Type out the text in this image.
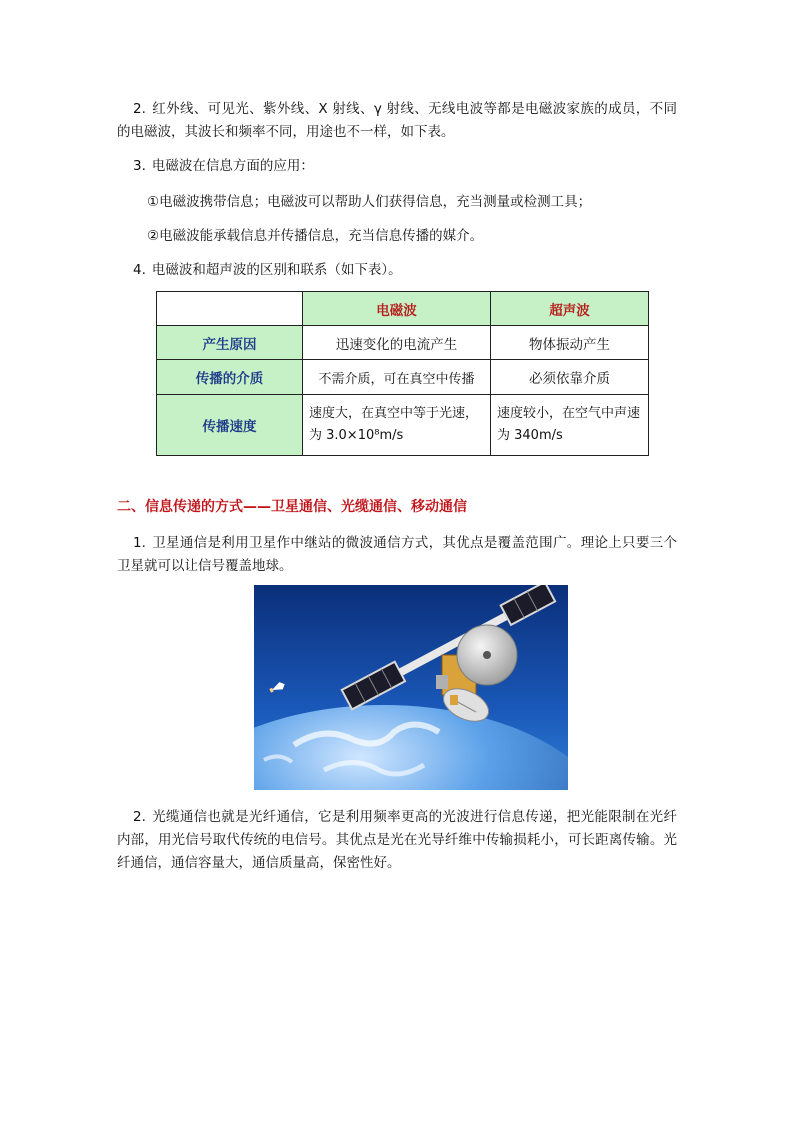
2. 红外线、可见光、紫外线、X 射线、γ 射线、无线电波等都是电磁波家族的成员，不同的电磁波，其波长和频率不同，用途也不一样，如下表。
3. 电磁波在信息方面的应用：
①电磁波携带信息；电磁波可以帮助人们获得信息，充当测量或检测工具；
②电磁波能承载信息并传播信息，充当信息传播的媒介。
4. 电磁波和超声波的区别和联系（如下表）。
	电磁波	超声波
产生原因	迅速变化的电流产生	物体振动产生
传播的介质	不需介质，可在真空中传播	必须依靠介质
传播速度	速度大，在真空中等于光速，为 3.0×10⁸m/s	速度较小，在空气中声速为 340m/s
二、信息传递的方式——卫星通信、光缆通信、移动通信
1. 卫星通信是利用卫星作中继站的微波通信方式，其优点是覆盖范围广。理论上只要三个卫星就可以让信号覆盖地球。
2. 光缆通信也就是光纤通信，它是利用频率更高的光波进行信息传递，把光能限制在光纤内部，用光信号取代传统的电信号。其优点是光在光导纤维中传输损耗小，可长距离传输。光纤通信，通信容量大，通信质量高，保密性好。
